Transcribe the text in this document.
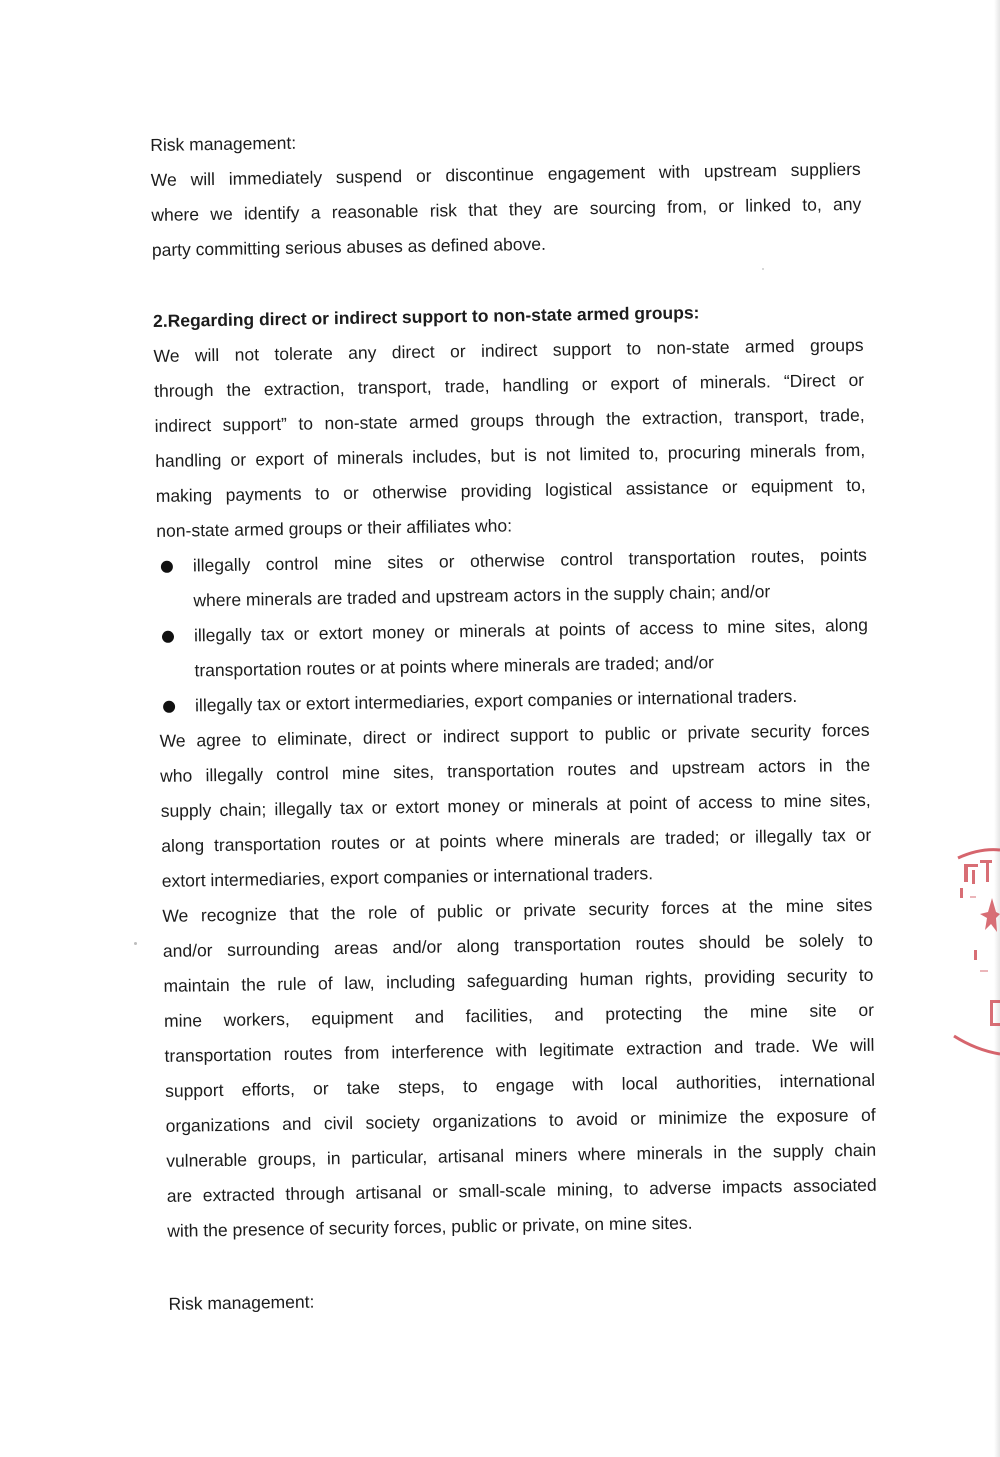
Risk management:
We will immediately suspend or discontinue engagement with upstream suppliers
where we identify a reasonable risk that they are sourcing from, or linked to, any
party committing serious abuses as defined above.
2.Regarding direct or indirect support to non-state armed groups:
We will not tolerate any direct or indirect support to non-state armed groups
through the extraction, transport, trade, handling or export of minerals. “Direct or
indirect support” to non-state armed groups through the extraction, transport, trade,
handling or export of minerals includes, but is not limited to, procuring minerals from,
making payments to or otherwise providing logistical assistance or equipment to,
non-state armed groups or their affiliates who:
illegally control mine sites or otherwise control transportation routes, points
where minerals are traded and upstream actors in the supply chain; and/or
illegally tax or extort money or minerals at points of access to mine sites, along
transportation routes or at points where minerals are traded; and/or
illegally tax or extort intermediaries, export companies or international traders.
We agree to eliminate, direct or indirect support to public or private security forces
who illegally control mine sites, transportation routes and upstream actors in the
supply chain; illegally tax or extort money or minerals at point of access to mine sites,
along transportation routes or at points where minerals are traded; or illegally tax or
extort intermediaries, export companies or international traders.
We recognize that the role of public or private security forces at the mine sites
and/or surrounding areas and/or along transportation routes should be solely to
maintain the rule of law, including safeguarding human rights, providing security to
mine workers, equipment and facilities, and protecting the mine site or
transportation routes from interference with legitimate extraction and trade. We will
support efforts, or take steps, to engage with local authorities, international
organizations and civil society organizations to avoid or minimize the exposure of
vulnerable groups, in particular, artisanal miners where minerals in the supply chain
are extracted through artisanal or small-scale mining, to adverse impacts associated
with the presence of security forces, public or private, on mine sites.
Risk management:
